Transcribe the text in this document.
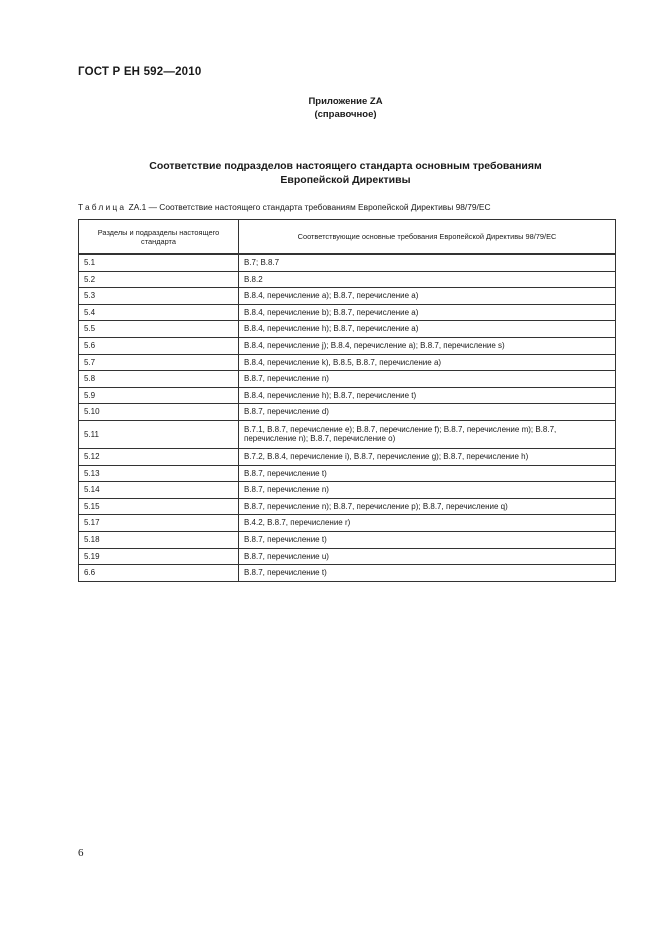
ГОСТ Р ЕН 592—2010
Приложение ZA
(справочное)
Соответствие подразделов настоящего стандарта основным требованиям
Европейской Директивы
Таблица ZA.1 — Соответствие настоящего стандарта требованиям Европейской Директивы 98/79/ЕС
Разделы и подразделы настоящего стандарта	Соответствующие основные требования Европейской Директивы 98/79/ЕС
5.1	В.7; В.8.7
5.2	В.8.2
5.3	В.8.4, перечисление а); В.8.7, перечисление а)
5.4	В.8.4, перечисление b); В.8.7, перечисление а)
5.5	В.8.4, перечисление h); В.8.7, перечисление а)
5.6	В.8.4, перечисление j); В.8.4, перечисление а); В.8.7, перечисление s)
5.7	В.8.4, перечисление k), В.8.5, В.8.7, перечисление а)
5.8	В.8.7, перечисление n)
5.9	В.8.4, перечисление h); В.8.7, перечисление t)
5.10	В.8.7, перечисление d)
5.11	В.7.1, В.8.7, перечисление е); В.8.7, перечисление f); В.8.7, перечисление m); В.8.7, перечисление n); В.8.7, перечисление о)
5.12	В.7.2, В.8.4, перечисление i), В.8.7, перечисление g); В.8.7, перечисление h)
5.13	В.8.7, перечисление t)
5.14	В.8.7, перечисление n)
5.15	В.8.7, перечисление n); В.8.7, перечисление p); В.8.7, перечисление q)
5.17	В.4.2, В.8.7, перечисление r)
5.18	В.8.7, перечисление t)
5.19	В.8.7, перечисление u)
6.6	В.8.7, перечисление t)
6
